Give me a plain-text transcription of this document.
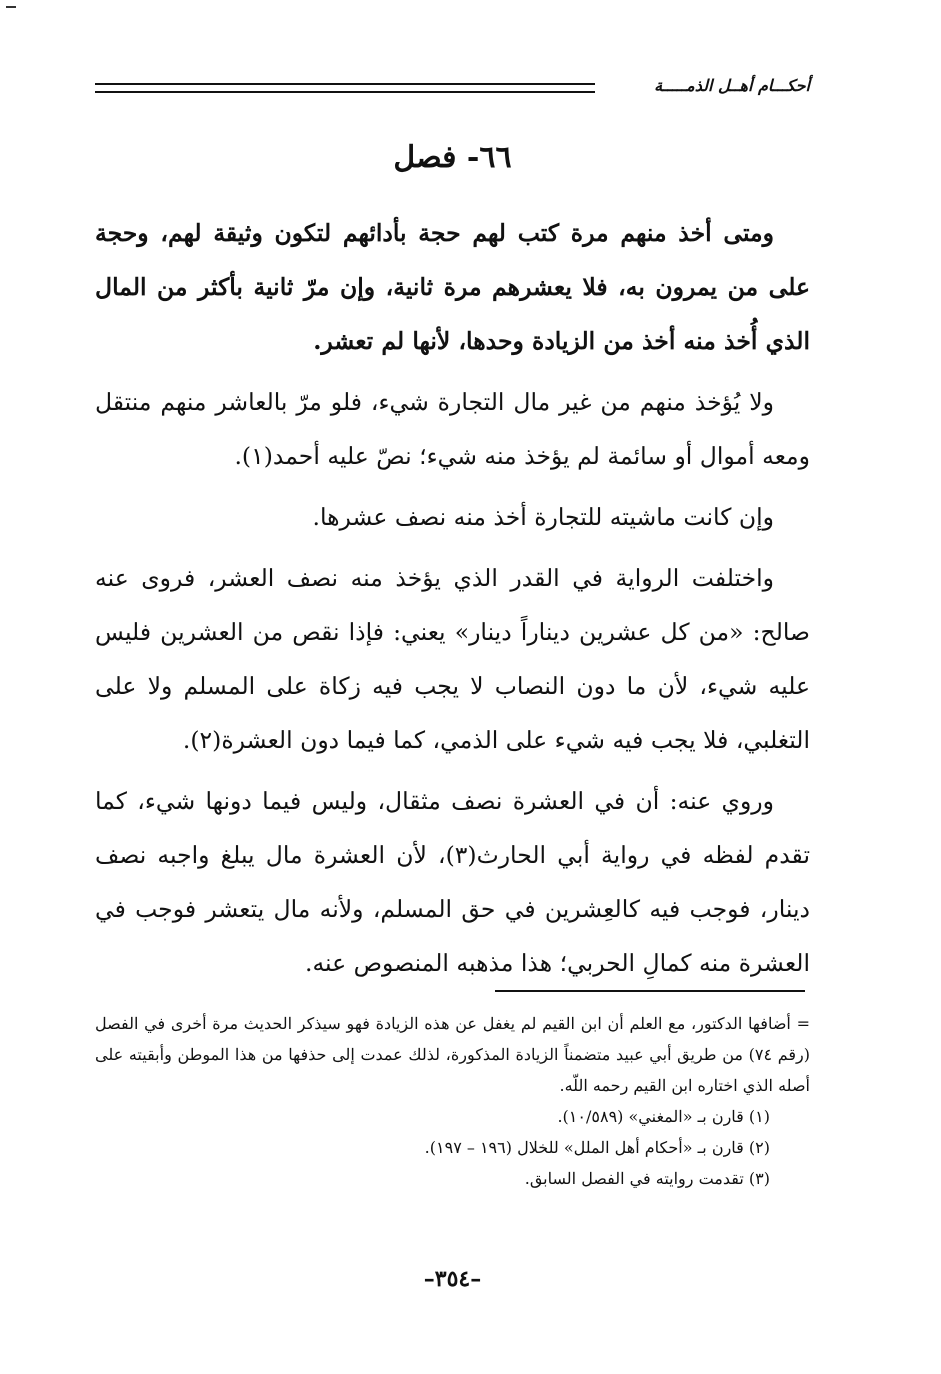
أحكـــام أهــل الذمـــــة
٦٦- فصل

ومتى أخذ منهم مرة كتب لهم حجة بأدائهم لتكون وثيقة لهم، وحجة على من يمرون به، فلا يعشرهم مرة ثانية، وإن مرّ ثانية بأكثر من المال الذي أُخذ منه أخذ من الزيادة وحدها، لأنها لم تعشر.

ولا يُؤخذ منهم من غير مال التجارة شيء، فلو مرّ بالعاشر منهم منتقل ومعه أموال أو سائمة لم يؤخذ منه شيء؛ نصّ عليه أحمد(١).

وإن كانت ماشيته للتجارة أخذ منه نصف عشرها.

واختلفت الرواية في القدر الذي يؤخذ منه نصف العشر، فروى عنه صالح: «من كل عشرين ديناراً دينار» يعني: فإذا نقص من العشرين فليس عليه شيء، لأن ما دون النصاب لا يجب فيه زكاة على المسلم ولا على التغلبي، فلا يجب فيه شيء على الذمي، كما فيما دون العشرة(٢).

وروي عنه: أن في العشرة نصف مثقال، وليس فيما دونها شيء، كما تقدم لفظه في رواية أبي الحارث(٣)، لأن العشرة مال يبلغ واجبه نصف دينار، فوجب فيه كالعِشرين في حق المسلم، ولأنه مال يتعشر فوجب في العشرة منه كمالِ الحربي؛ هذا مذهبه المنصوص عنه.

= أضافها الدكتور، مع العلم أن ابن القيم لم يغفل عن هذه الزيادة فهو سيذكر الحديث مرة أخرى في الفصل (رقم ٧٤) من طريق أبي عبيد متضمناً الزيادة المذكورة، لذلك عمدت إلى حذفها من هذا الموطن وأبقيته على أصله الذي اختاره ابن القيم رحمه اللّه.

(١) قارن بـ «المغني» (١٠/٥٨٩).

(٢) قارن بـ «أحكام أهل الملل» للخلال (١٩٦ – ١٩٧).

(٣) تقدمت روايته في الفصل السابق.

–٣٥٤–
